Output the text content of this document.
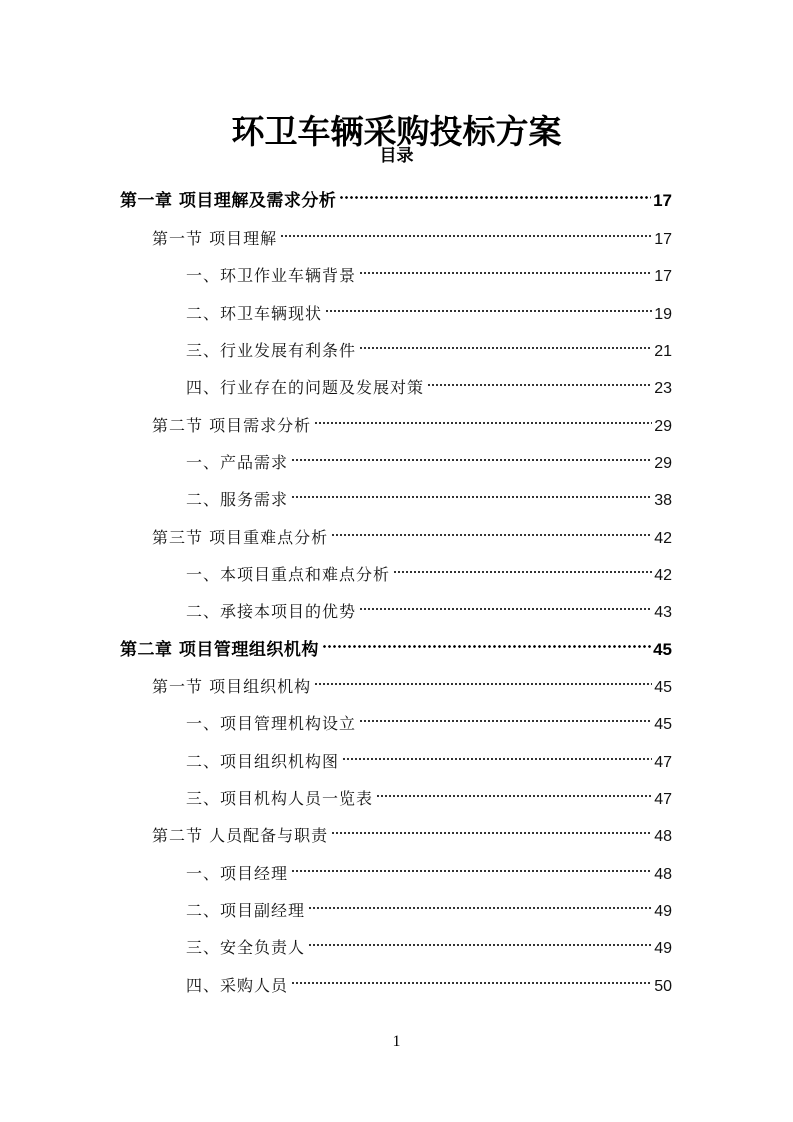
环卫车辆采购投标方案
目录
第一章 项目理解及需求分析	17
第一节 项目理解	17
一、环卫作业车辆背景	17
二、环卫车辆现状	19
三、行业发展有利条件	21
四、行业存在的问题及发展对策	23
第二节 项目需求分析	29
一、产品需求	29
二、服务需求	38
第三节 项目重难点分析	42
一、本项目重点和难点分析	42
二、承接本项目的优势	43
第二章 项目管理组织机构	45
第一节 项目组织机构	45
一、项目管理机构设立	45
二、项目组织机构图	47
三、项目机构人员一览表	47
第二节 人员配备与职责	48
一、项目经理	48
二、项目副经理	49
三、安全负责人	49
四、采购人员	50
1
